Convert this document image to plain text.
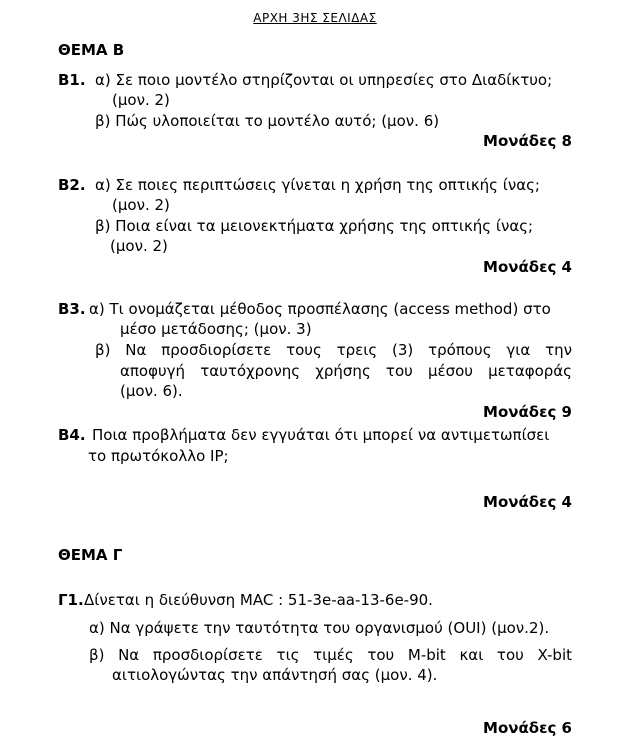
ΑΡΧΗ 3ΗΣ ΣΕΛΙΔΑΣ
ΘΕΜΑ Β
Β1. α) Σε ποιο μοντέλο στηρίζονται οι υπηρεσίες στο Διαδίκτυο;
(μον. 2)
β) Πώς υλοποιείται το μοντέλο αυτό; (μον. 6)
Μονάδες 8
Β2. α) Σε ποιες περιπτώσεις γίνεται η χρήση της οπτικής ίνας;
(μον. 2)
β) Ποια είναι τα μειονεκτήματα χρήσης της οπτικής ίνας;
(μον. 2)
Μονάδες 4
Β3. α) Τι ονομάζεται μέθοδος προσπέλασης (access method) στο
μέσο μετάδοσης; (μον. 3)
β) Να προσδιορίσετε τους τρεις (3) τρόπους για την
αποφυγή ταυτόχρονης χρήσης του μέσου μεταφοράς
(μον. 6).
Μονάδες 9
Β4. Ποια προβλήματα δεν εγγυάται ότι μπορεί να αντιμετωπίσει
το πρωτόκολλο IP;
Μονάδες 4
ΘΕΜΑ Γ
Γ1. Δίνεται η διεύθυνση MAC : 51-3e-aa-13-6e-90.
α) Να γράψετε την ταυτότητα του οργανισμού (OUI) (μον.2).
β) Να προσδιορίσετε τις τιμές του M-bit και του X-bit
αιτιολογώντας την απάντησή σας (μον. 4).
Μονάδες 6
